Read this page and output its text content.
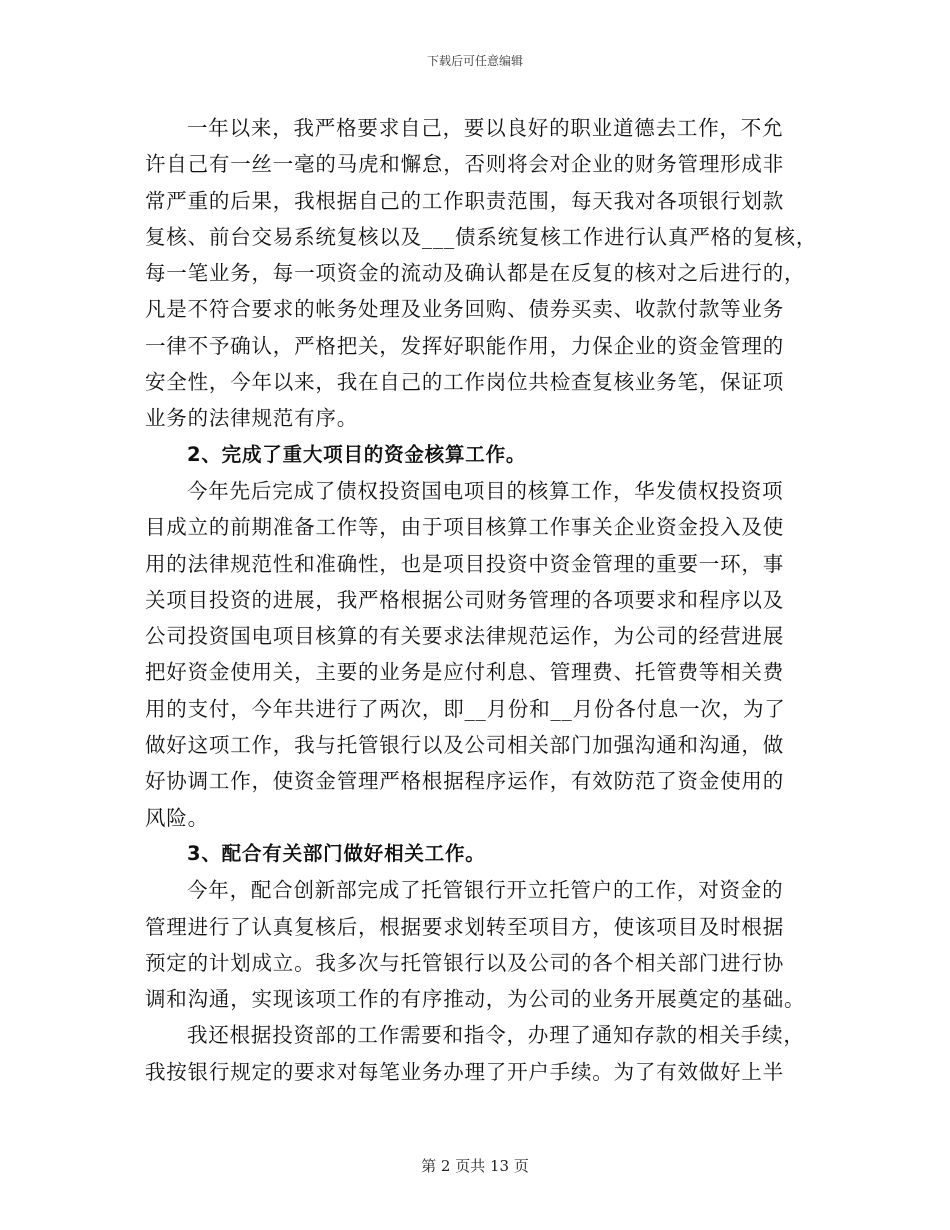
下载后可任意编辑
一年以来，我严格要求自己，要以良好的职业道德去工作，不允
许自己有一丝一毫的马虎和懈怠，否则将会对企业的财务管理形成非
常严重的后果，我根据自己的工作职责范围，每天我对各项银行划款
复核、前台交易系统复核以及___债系统复核工作进行认真严格的复核，
每一笔业务，每一项资金的流动及确认都是在反复的核对之后进行的，
凡是不符合要求的帐务处理及业务回购、债券买卖、收款付款等业务
一律不予确认，严格把关，发挥好职能作用，力保企业的资金管理的
安全性，今年以来，我在自己的工作岗位共检查复核业务笔，保证项
业务的法律规范有序。
2、完成了重大项目的资金核算工作。
今年先后完成了债权投资国电项目的核算工作，华发债权投资项
目成立的前期准备工作等，由于项目核算工作事关企业资金投入及使
用的法律规范性和准确性，也是项目投资中资金管理的重要一环，事
关项目投资的进展，我严格根据公司财务管理的各项要求和程序以及
公司投资国电项目核算的有关要求法律规范运作，为公司的经营进展
把好资金使用关，主要的业务是应付利息、管理费、托管费等相关费
用的支付，今年共进行了两次，即__月份和__月份各付息一次，为了
做好这项工作，我与托管银行以及公司相关部门加强沟通和沟通，做
好协调工作，使资金管理严格根据程序运作，有效防范了资金使用的
风险。
3、配合有关部门做好相关工作。
今年，配合创新部完成了托管银行开立托管户的工作，对资金的
管理进行了认真复核后，根据要求划转至项目方，使该项目及时根据
预定的计划成立。我多次与托管银行以及公司的各个相关部门进行协
调和沟通，实现该项工作的有序推动，为公司的业务开展奠定的基础。
我还根据投资部的工作需要和指令，办理了通知存款的相关手续，
我按银行规定的要求对每笔业务办理了开户手续。为了有效做好上半
第 2 页共 13 页
